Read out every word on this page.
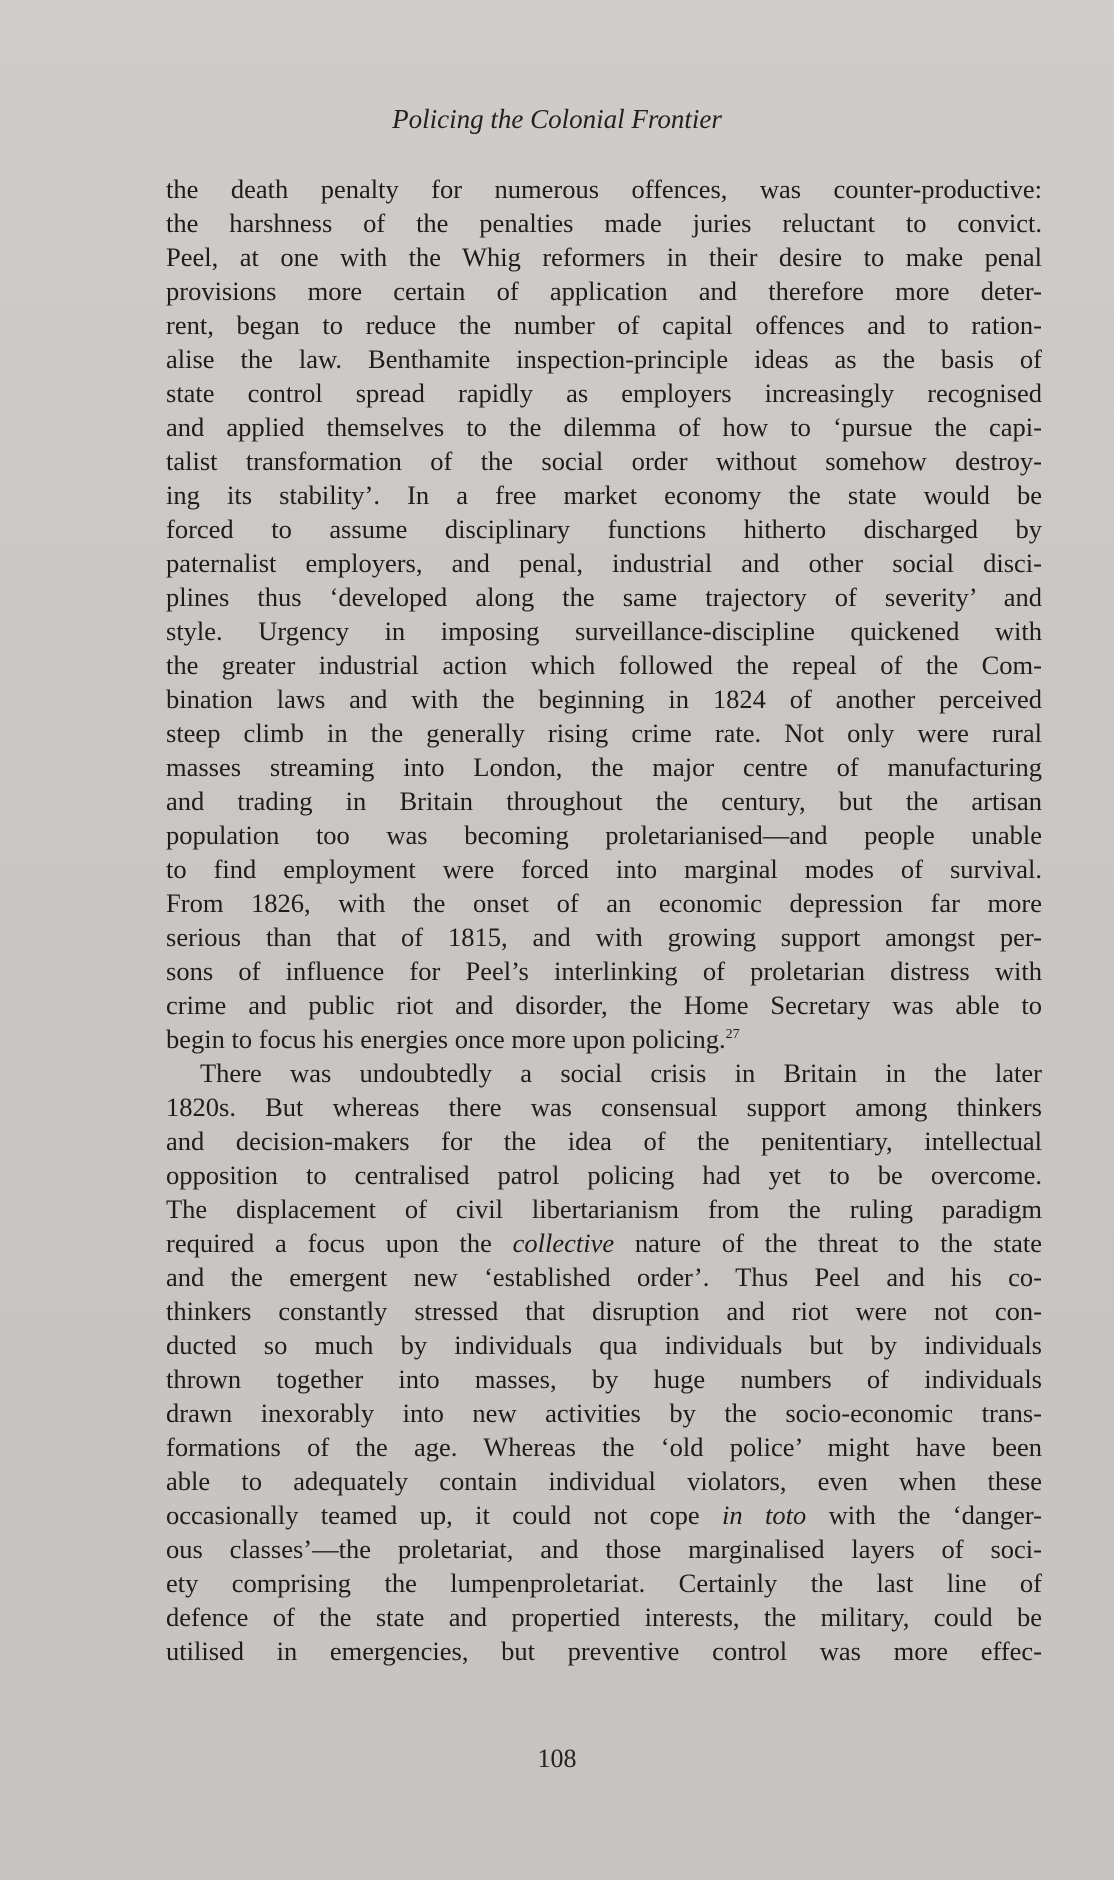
Policing the Colonial Frontier
the death penalty for numerous offences, was counter-productive:
the harshness of the penalties made juries reluctant to convict.
Peel, at one with the Whig reformers in their desire to make penal
provisions more certain of application and therefore more deter-
rent, began to reduce the number of capital offences and to ration-
alise the law. Benthamite inspection-principle ideas as the basis of
state control spread rapidly as employers increasingly recognised
and applied themselves to the dilemma of how to ‘pursue the capi-
talist transformation of the social order without somehow destroy-
ing its stability’. In a free market economy the state would be
forced to assume disciplinary functions hitherto discharged by
paternalist employers, and penal, industrial and other social disci-
plines thus ‘developed along the same trajectory of severity’ and
style. Urgency in imposing surveillance-discipline quickened with
the greater industrial action which followed the repeal of the Com-
bination laws and with the beginning in 1824 of another perceived
steep climb in the generally rising crime rate. Not only were rural
masses streaming into London, the major centre of manufacturing
and trading in Britain throughout the century, but the artisan
population too was becoming proletarianised—and people unable
to find employment were forced into marginal modes of survival.
From 1826, with the onset of an economic depression far more
serious than that of 1815, and with growing support amongst per-
sons of influence for Peel’s interlinking of proletarian distress with
crime and public riot and disorder, the Home Secretary was able to
begin to focus his energies once more upon policing.$^{27}$
There was undoubtedly a social crisis in Britain in the later
1820s. But whereas there was consensual support among thinkers
and decision-makers for the idea of the penitentiary, intellectual
opposition to centralised patrol policing had yet to be overcome.
The displacement of civil libertarianism from the ruling paradigm
required a focus upon the collective nature of the threat to the state
and the emergent new ‘established order’. Thus Peel and his co-
thinkers constantly stressed that disruption and riot were not con-
ducted so much by individuals qua individuals but by individuals
thrown together into masses, by huge numbers of individuals
drawn inexorably into new activities by the socio-economic trans-
formations of the age. Whereas the ‘old police’ might have been
able to adequately contain individual violators, even when these
occasionally teamed up, it could not cope in toto with the ‘danger-
ous classes’—the proletariat, and those marginalised layers of soci-
ety comprising the lumpenproletariat. Certainly the last line of
defence of the state and propertied interests, the military, could be
utilised in emergencies, but preventive control was more effec-
108
